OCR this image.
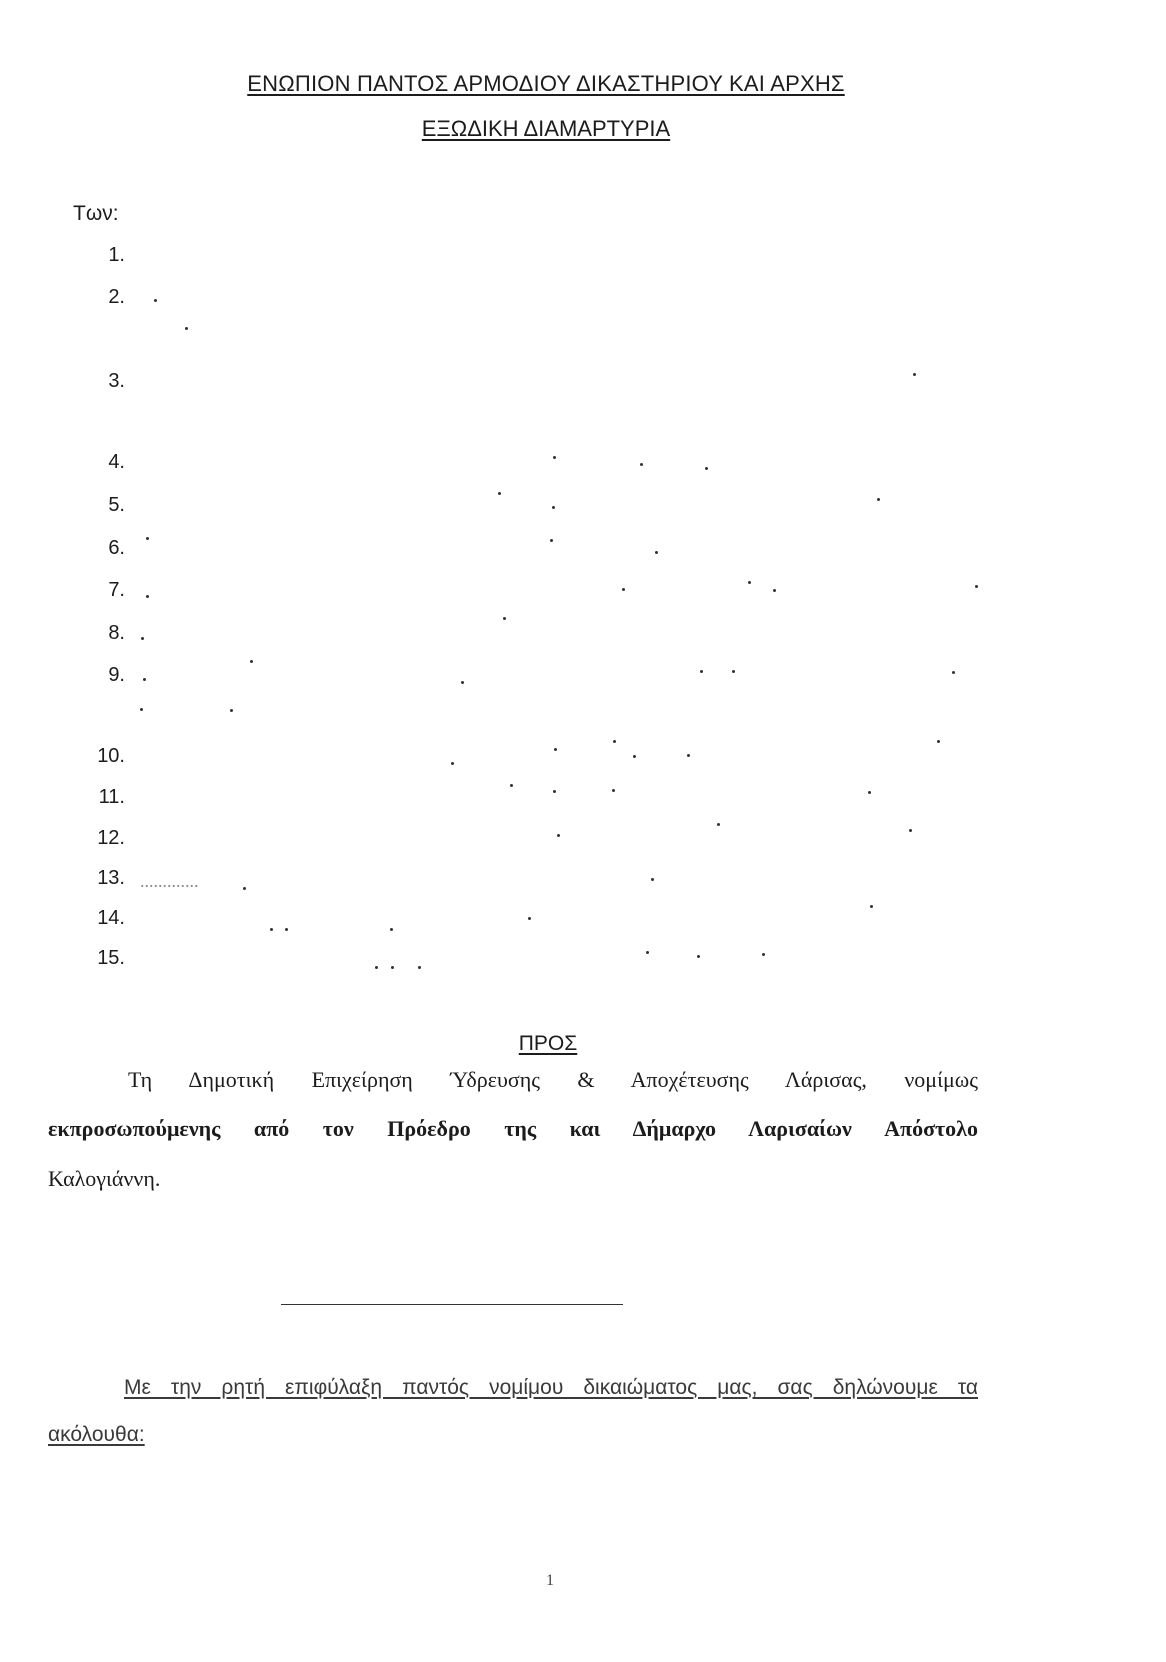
ΕΝΩΠΙΟΝ ΠΑΝΤΟΣ ΑΡΜΟΔΙΟΥ ΔΙΚΑΣΤΗΡΙΟΥ ΚΑΙ ΑΡΧΗΣ
ΕΞΩΔΙΚΗ ΔΙΑΜΑΡΤΥΡΙΑ
Των:
1.
2.
3.
4.
5.
6.
7.
8.
9.
10.
11.
12.
13.
14.
15.
.............
ΠΡΟΣ
Τη Δημοτική Επιχείρηση Ύδρευσης & Αποχέτευσης Λάρισας, νομίμως
εκπροσωπούμενης από τον Πρόεδρο της και Δήμαρχο Λαρισαίων Απόστολο
Καλογιάννη.
Με την ρητή επιφύλαξη παντός νομίμου δικαιώματος μας, σας δηλώνουμε τα
ακόλουθα:
1
